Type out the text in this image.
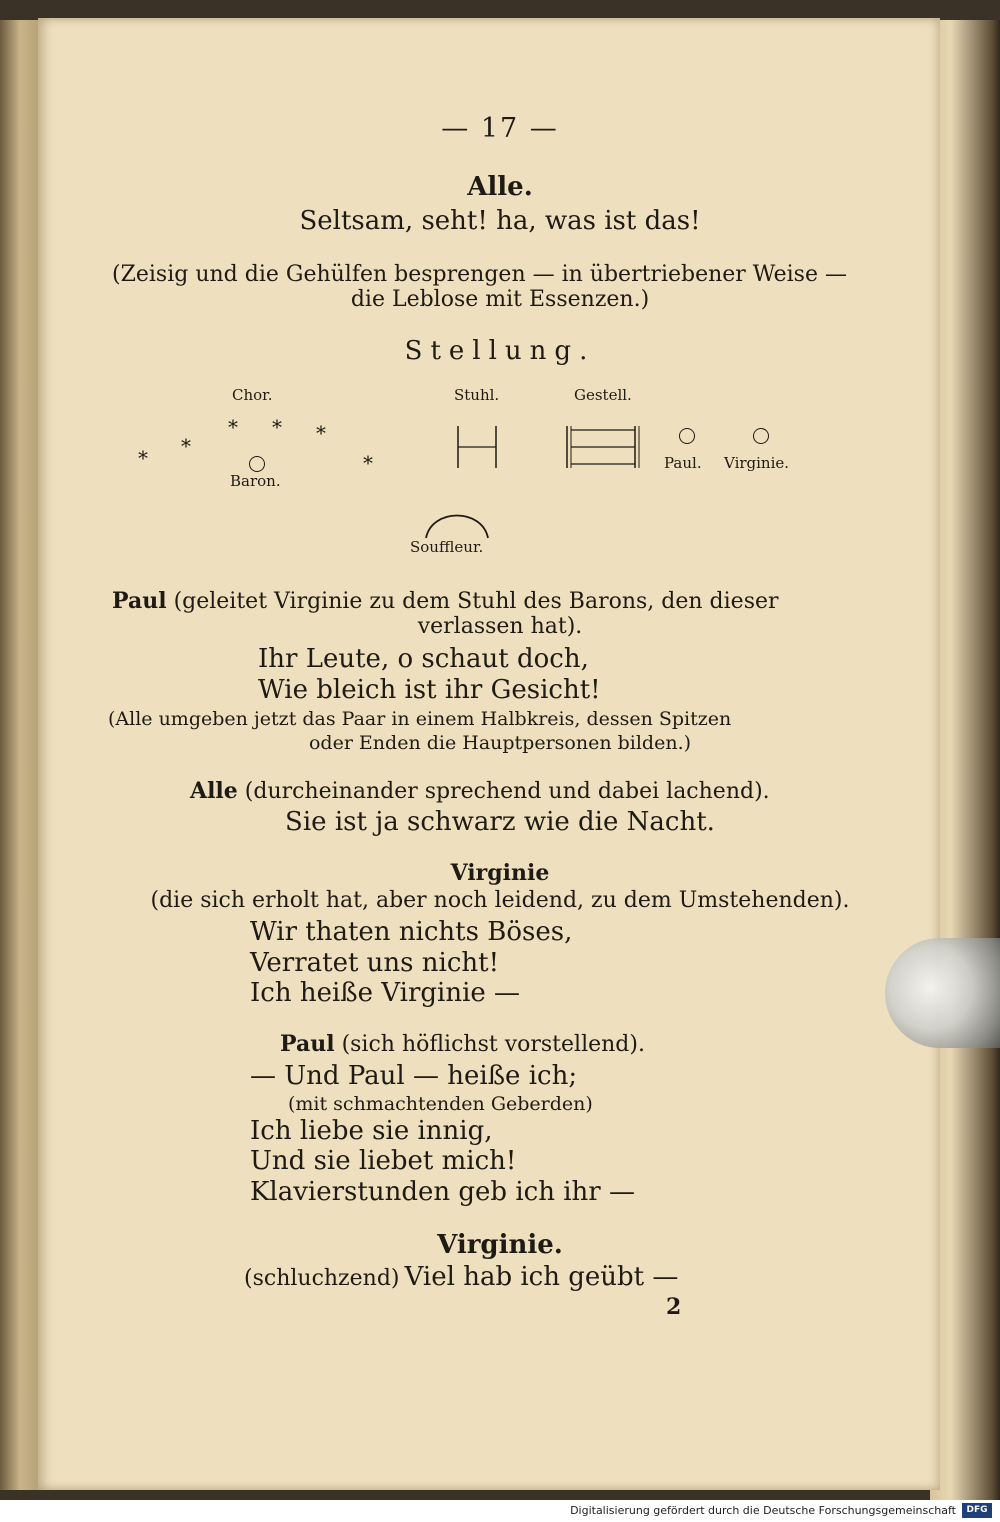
— 17 —
Alle.
Seltsam, seht! ha, was ist das!
(Zeisig und die Gehülfen besprengen — in übertriebener Weise —
die Leblose mit Essenzen.)
Stellung.
Chor.	Stuhl.	Gestell.
* * *
*
*	*
Baron.
Paul. Virginie.
Souffleur.
Paul (geleitet Virginie zu dem Stuhl des Barons, den dieser
verlassen hat).
Ihr Leute, o schaut doch,
Wie bleich ist ihr Gesicht!
(Alle umgeben jetzt das Paar in einem Halbkreis, dessen Spitzen
oder Enden die Hauptpersonen bilden.)
Alle (durcheinander sprechend und dabei lachend).
Sie ist ja schwarz wie die Nacht.
Virginie
(die sich erholt hat, aber noch leidend, zu dem Umstehenden).
Wir thaten nichts Böses,
Verratet uns nicht!
Ich heiße Virginie —
Paul (sich höflichst vorstellend).
— Und Paul — heiße ich;
(mit schmachtenden Geberden)
Ich liebe sie innig,
Und sie liebet mich!
Klavierstunden geb ich ihr —
Virginie.
(schluchzend) Viel hab ich geübt —
2
Digitalisierung gefördert durch die Deutsche Forschungsgemeinschaft	DFG
